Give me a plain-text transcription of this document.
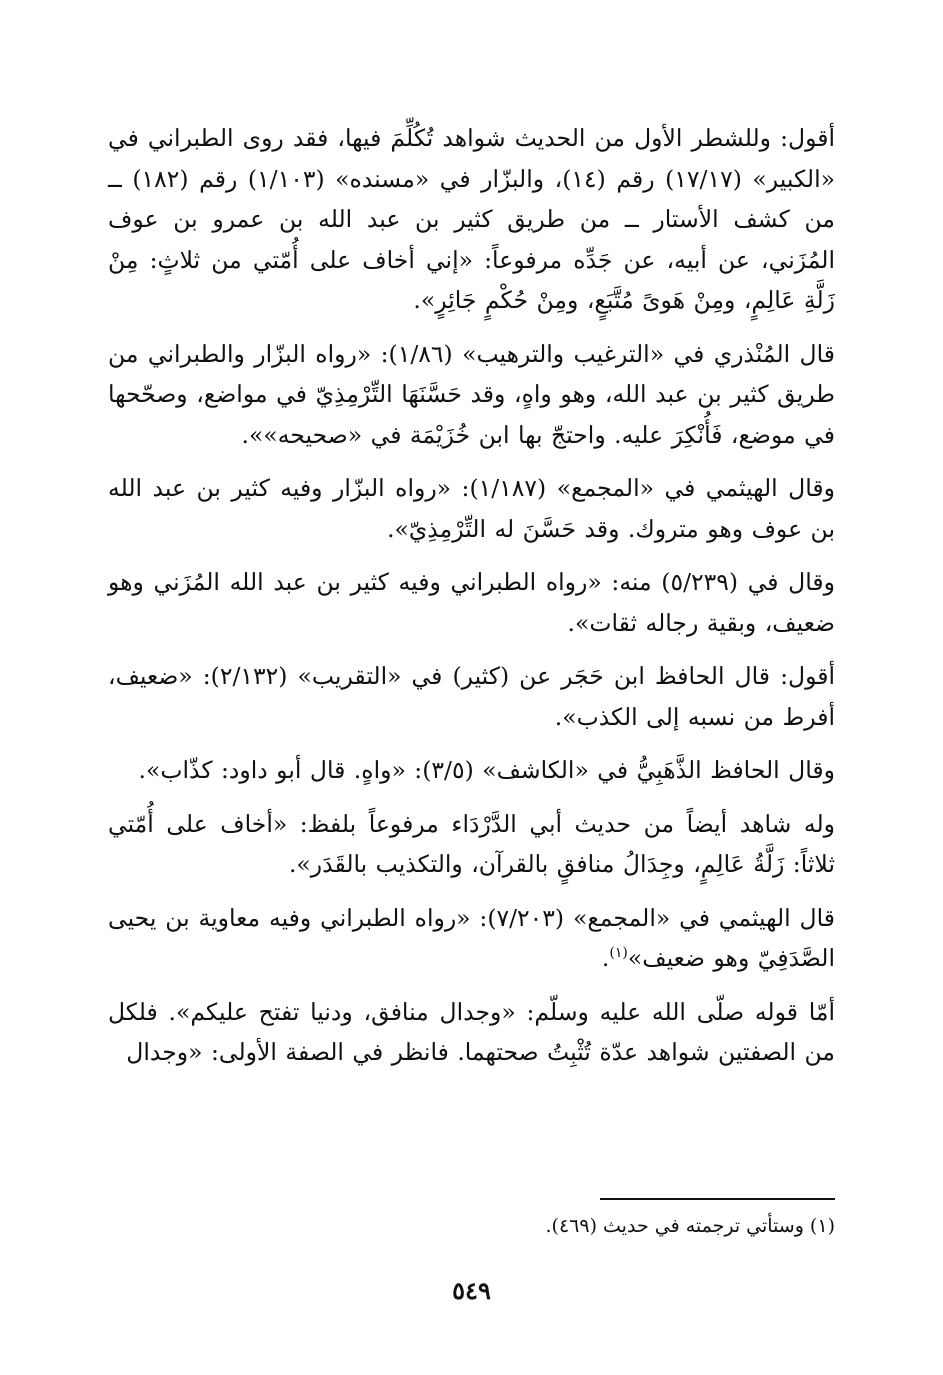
أقول: وللشطر الأول من الحديث شواهد تُكُلِّمَ فيها، فقد روى الطبراني في «الكبير» (١٧/١٧) رقم (١٤)، والبزّار في «مسنده» (١/١٠٣) رقم (١٨٢) ــ من كشف الأستار ــ من طريق كثير بن عبد الله بن عمرو بن عوف المُزَني، عن أبيه، عن جَدِّه مرفوعاً: «إني أخاف على أُمّتي من ثلاثٍ: مِنْ زَلَّةِ عَالِمٍ، ومِنْ هَوىً مُتَّبَعٍ، ومِنْ حُكْمٍ جَائِرٍ».

قال المُنْذري في «الترغيب والترهيب» (١/٨٦): «رواه البزّار والطبراني من طريق كثير بن عبد الله، وهو واهٍ، وقد حَسَّنَهَا التِّرْمِذِيّ في مواضع، وصحّحها في موضع، فَأُنْكِرَ عليه. واحتجّ بها ابن خُزَيْمَة في «صحيحه»».

وقال الهيثمي في «المجمع» (١/١٨٧): «رواه البزّار وفيه كثير بن عبد الله بن عوف وهو متروك. وقد حَسَّنَ له التِّرْمِذِيّ».

وقال في (٥/٢٣٩) منه: «رواه الطبراني وفيه كثير بن عبد الله المُزَني وهو ضعيف، وبقية رجاله ثقات».

أقول: قال الحافظ ابن حَجَر عن (كثير) في «التقريب» (٢/١٣٢): «ضعيف، أفرط من نسبه إلى الكذب».

وقال الحافظ الذَّهَبِيُّ في «الكاشف» (٣/٥): «واهٍ. قال أبو داود: كذّاب».

وله شاهد أيضاً من حديث أبي الدَّرْدَاء مرفوعاً بلفظ: «أخاف على أُمّتي ثلاثاً: زَلَّةُ عَالِمٍ، وجِدَالُ منافقٍ بالقرآن، والتكذيب بالقَدَر».

قال الهيثمي في «المجمع» (٧/٢٠٣): «رواه الطبراني وفيه معاوية بن يحيى الصَّدَفِيّ وهو ضعيف»$^{(١)}$.

أمّا قوله صلّى الله عليه وسلّم: «وجدال منافق، ودنيا تفتح عليكم». فلكل من الصفتين شواهد عدّة تُثْبِتُ صحتهما. فانظر في الصفة الأولى: «وجدال

(١) وستأتي ترجمته في حديث (٤٦٩).
٥٤٩
